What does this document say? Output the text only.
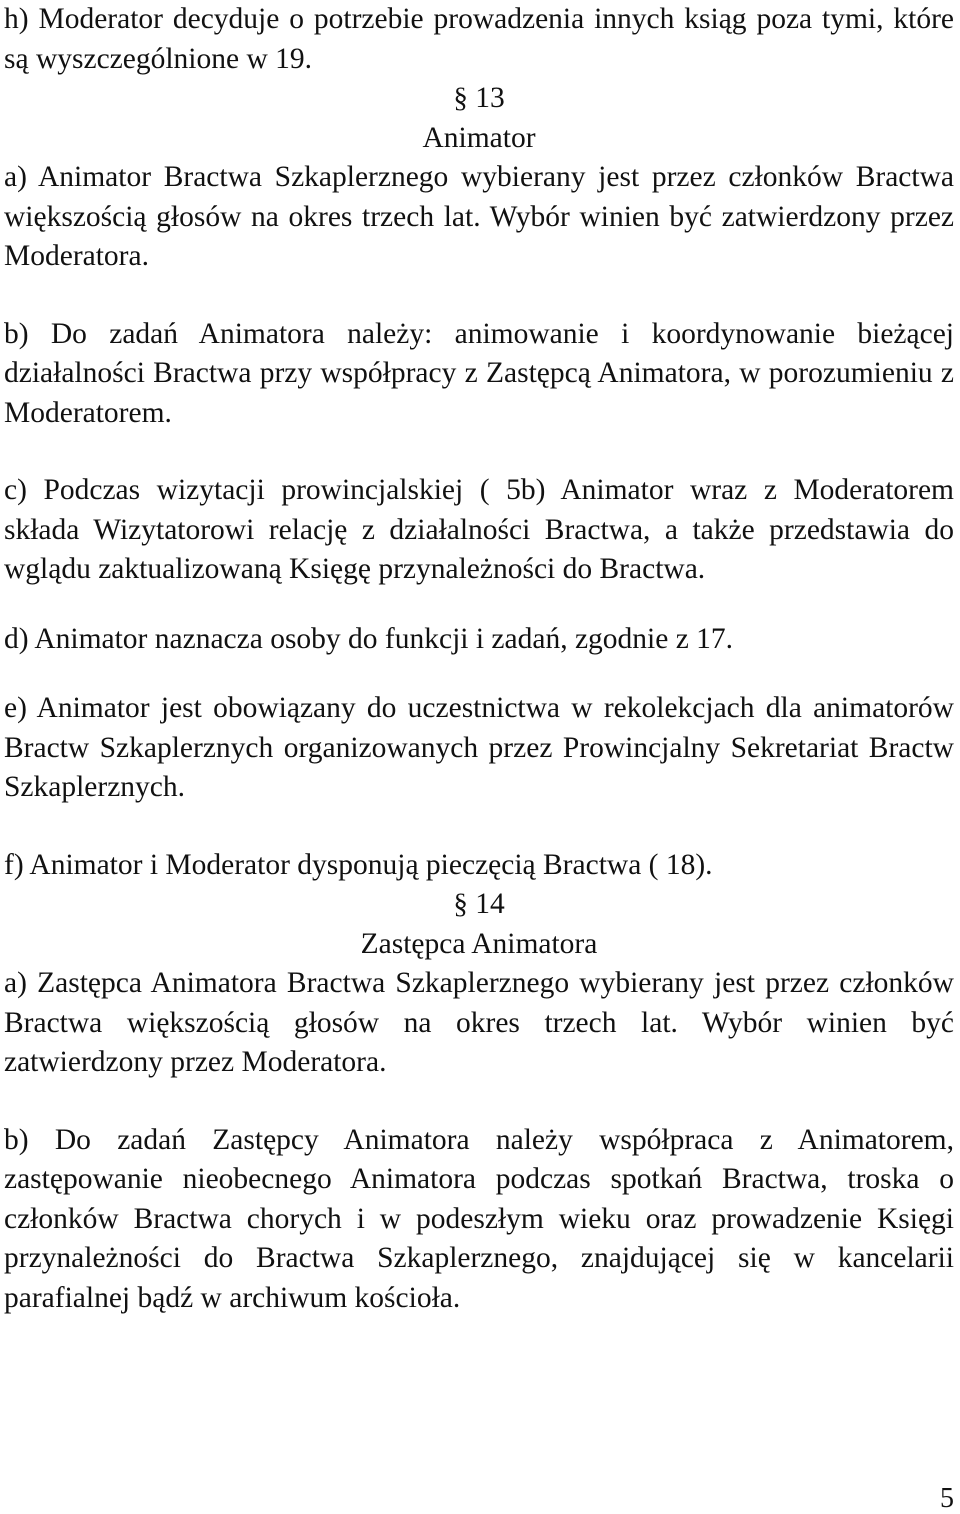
h) Moderator decyduje o potrzebie prowadzenia innych ksiąg poza tymi, które są wyszczególnione w 19.

§ 13

Animator

a) Animator Bractwa Szkaplerznego wybierany jest przez członków Bractwa większością głosów na okres trzech lat. Wybór winien być zatwierdzony przez Moderatora.

b) Do zadań Animatora należy: animowanie i koordynowanie bieżącej działalności Bractwa przy współpracy z Zastępcą Animatora, w porozumieniu z Moderatorem.

c) Podczas wizytacji prowincjalskiej ( 5b) Animator wraz z Moderatorem składa Wizytatorowi relację z działalności Bractwa, a także przedstawia do wglądu zaktualizowaną Księgę przynależności do Bractwa.

d) Animator naznacza osoby do funkcji i zadań, zgodnie z 17.

e) Animator jest obowiązany do uczestnictwa w rekolekcjach dla animatorów Bractw Szkaplerznych organizowanych przez Prowincjalny Sekretariat Bractw Szkaplerznych.

f) Animator i Moderator dysponują pieczęcią Bractwa ( 18).

§ 14

Zastępca Animatora

a) Zastępca Animatora Bractwa Szkaplerznego wybierany jest przez członków Bractwa większością głosów na okres trzech lat. Wybór winien być zatwierdzony przez Moderatora.

b) Do zadań Zastępcy Animatora należy współpraca z Animatorem, zastępowanie nieobecnego Animatora podczas spotkań Bractwa, troska o członków Bractwa chorych i w podeszłym wieku oraz prowadzenie Księgi przynależności do Bractwa Szkaplerznego, znajdującej się w kancelarii parafialnej bądź w archiwum kościoła.

5
